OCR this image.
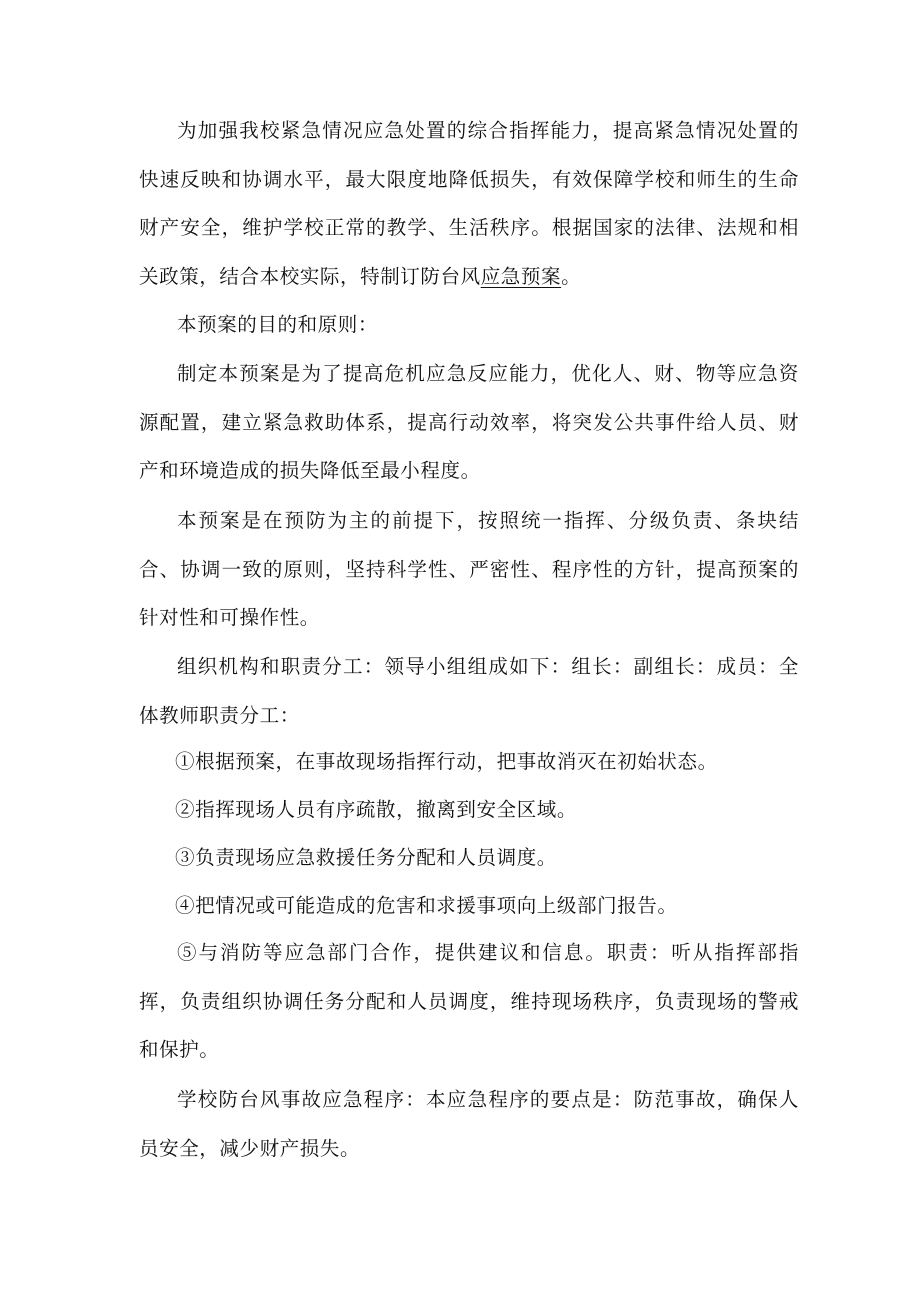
为加强我校紧急情况应急处置的综合指挥能力，提高紧急情况处置的快速反映和协调水平，最大限度地降低损失，有效保障学校和师生的生命财产安全，维护学校正常的教学、生活秩序。根据国家的法律、法规和相关政策，结合本校实际，特制订防台风应急预案。

本预案的目的和原则：

制定本预案是为了提高危机应急反应能力，优化人、财、物等应急资源配置，建立紧急救助体系，提高行动效率，将突发公共事件给人员、财产和环境造成的损失降低至最小程度。

本预案是在预防为主的前提下，按照统一指挥、分级负责、条块结合、协调一致的原则，坚持科学性、严密性、程序性的方针，提高预案的针对性和可操作性。

组织机构和职责分工：领导小组组成如下：组长：副组长：成员：全体教师职责分工：

①根据预案，在事故现场指挥行动，把事故消灭在初始状态。

②指挥现场人员有序疏散，撤离到安全区域。

③负责现场应急救援任务分配和人员调度。

④把情况或可能造成的危害和求援事项向上级部门报告。

⑤与消防等应急部门合作，提供建议和信息。职责：听从指挥部指挥，负责组织协调任务分配和人员调度，维持现场秩序，负责现场的警戒和保护。

学校防台风事故应急程序：本应急程序的要点是：防范事故，确保人员安全，减少财产损失。
